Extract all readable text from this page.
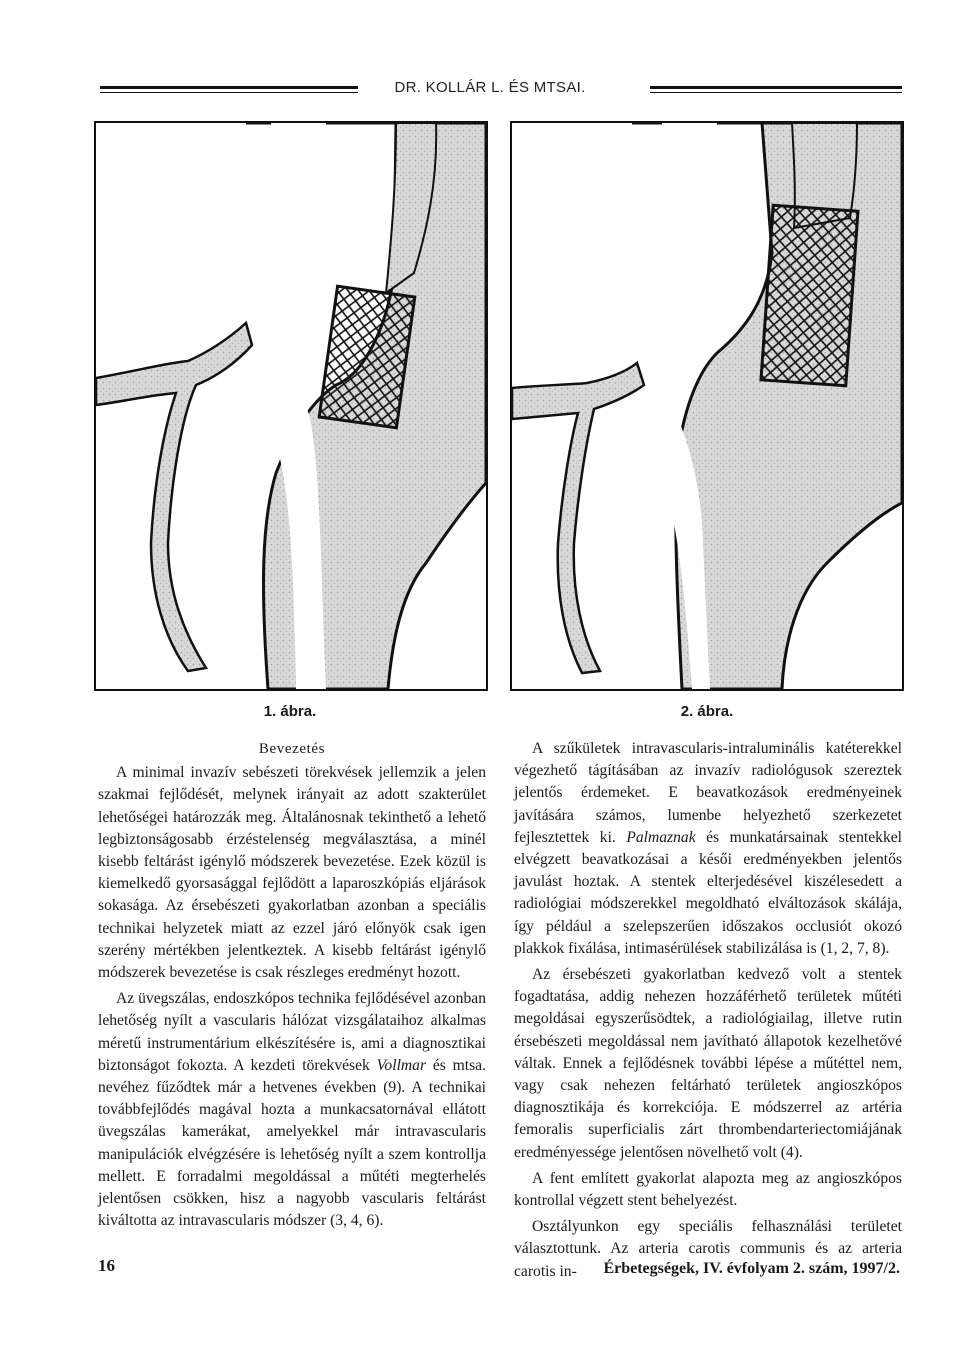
DR. KOLLÁR L. ÉS MTSAI.
1. ábra.	2. ábra.
Bevezetés

A minimal invazív sebészeti törekvések jellemzik a jelen szakmai fejlődését, melynek irányait az adott szakterület lehetőségei határozzák meg. Általánosnak tekinthető a lehető legbiztonságosabb érzéstelenség megválasztása, a minél kisebb feltárást igénylő módszerek bevezetése. Ezek közül is kiemelkedő gyorsasággal fejlődött a laparoszkópiás eljárások sokasága. Az érsebészeti gyakorlatban azonban a speciális technikai helyzetek miatt az ezzel járó előnyök csak igen szerény mértékben jelentkeztek. A kisebb feltárást igénylő módszerek bevezetése is csak részleges eredményt hozott.

Az üvegszálas, endoszkópos technika fejlődésével azonban lehetőség nyílt a vascularis hálózat vizsgálataihoz alkalmas méretű instrumentárium elkészítésére is, ami a diagnosztikai biztonságot fokozta. A kezdeti törekvések Vollmar és mtsa. nevéhez fűződtek már a hetvenes években (9). A technikai továbbfejlődés magával hozta a munkacsatornával ellátott üvegszálas kamerákat, amelyekkel már intravascularis manipulációk elvégzésére is lehetőség nyílt a szem kontrollja mellett. E forradalmi megoldással a műtéti megterhelés jelentősen csökken, hisz a nagyobb vascularis feltárást kiváltotta az intravascularis módszer (3, 4, 6).

A szűkületek intravascularis-intraluminális katéterekkel végezhető tágításában az invazív radiológusok szereztek jelentős érdemeket. E beavatkozások eredményeinek javítására számos, lumenbe helyezhető szerkezetet fejlesztettek ki. Palmaznak és munkatársainak stentekkel elvégzett beavatkozásai a késői eredményekben jelentős javulást hoztak. A stentek elterjedésével kiszélesedett a radiológiai módszerekkel megoldható elváltozások skálája, így például a szelepszerűen időszakos occlusiót okozó plakkok fixálása, intimasérülések stabilizálása is (1, 2, 7, 8).

Az érsebészeti gyakorlatban kedvező volt a stentek fogadtatása, addig nehezen hozzáférhető területek műtéti megoldásai egyszerűsödtek, a radiológiailag, illetve rutin érsebészeti megoldással nem javítható állapotok kezelhetővé váltak. Ennek a fejlődésnek további lépése a műtéttel nem, vagy csak nehezen feltárható területek angioszkópos diagnosztikája és korrekciója. E módszerrel az artéria femoralis superficialis zárt thrombendarteriectomiájának eredményessége jelentősen növelhető volt (4).

A fent említett gyakorlat alapozta meg az angioszkópos kontrollal végzett stent behelyezést.

Osztályunkon egy speciális felhasználási területet választottunk. Az arteria carotis communis és az arteria carotis in-

16	Érbetegségek, IV. évfolyam 2. szám, 1997/2.
